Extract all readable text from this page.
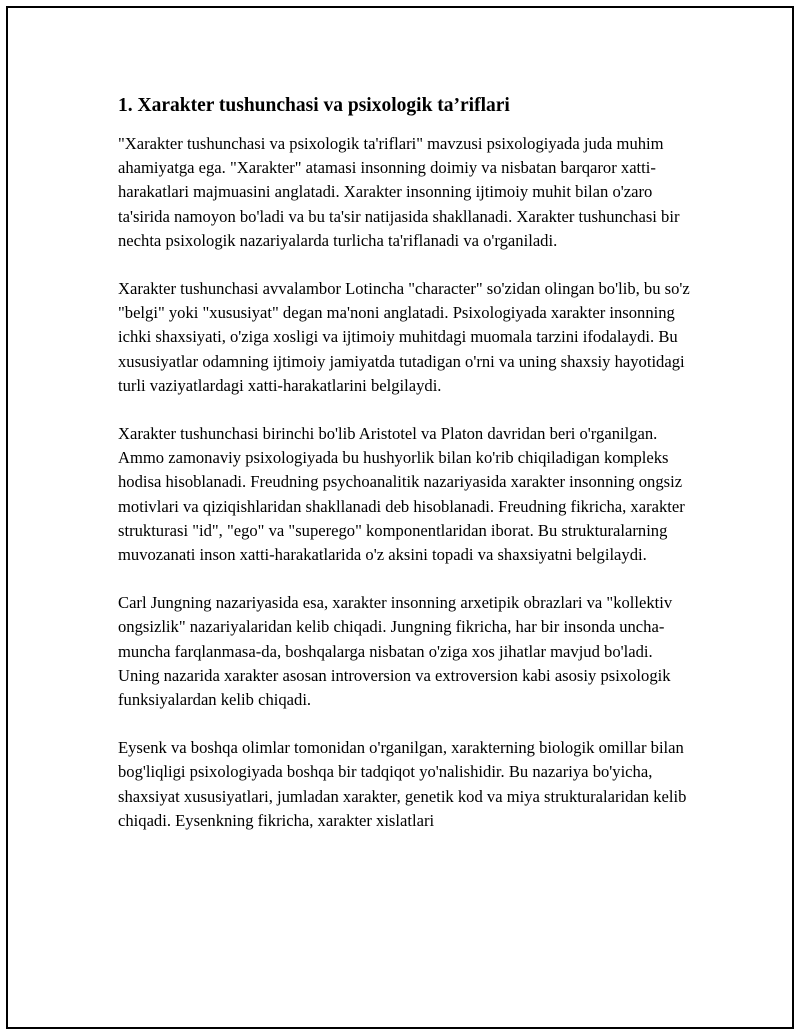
1. Xarakter tushunchasi va psixologik ta’riflari

"Xarakter tushunchasi va psixologik ta'riflari" mavzusi psixologiyada juda muhim ahamiyatga ega. "Xarakter" atamasi insonning doimiy va nisbatan barqaror xatti-harakatlari majmuasini anglatadi. Xarakter insonning ijtimoiy muhit bilan o'zaro ta'sirida namoyon bo'ladi va bu ta'sir natijasida shakllanadi. Xarakter tushunchasi bir nechta psixologik nazariyalarda turlicha ta'riflanadi va o'rganiladi.

Xarakter tushunchasi avvalambor Lotincha "character" so'zidan olingan bo'lib, bu so'z "belgi" yoki "xususiyat" degan ma'noni anglatadi. Psixologiyada xarakter insonning ichki shaxsiyati, o'ziga xosligi va ijtimoiy muhitdagi muomala tarzini ifodalaydi. Bu xususiyatlar odamning ijtimoiy jamiyatda tutadigan o'rni va uning shaxsiy hayotidagi turli vaziyatlardagi xatti-harakatlarini belgilaydi.

Xarakter tushunchasi birinchi bo'lib Aristotel va Platon davridan beri o'rganilgan. Ammo zamonaviy psixologiyada bu hushyorlik bilan ko'rib chiqiladigan kompleks hodisa hisoblanadi. Freudning psychoanalitik nazariyasida xarakter insonning ongsiz motivlari va qiziqishlaridan shakllanadi deb hisoblanadi. Freudning fikricha, xarakter strukturasi "id", "ego" va "superego" komponentlaridan iborat. Bu strukturalarning muvozanati inson xatti-harakatlarida o'z aksini topadi va shaxsiyatni belgilaydi.

Carl Jungning nazariyasida esa, xarakter insonning arxetipik obrazlari va "kollektiv ongsizlik" nazariyalaridan kelib chiqadi. Jungning fikricha, har bir insonda uncha-muncha farqlanmasa-da, boshqalarga nisbatan o'ziga xos jihatlar mavjud bo'ladi. Uning nazarida xarakter asosan introversion va extroversion kabi asosiy psixologik funksiyalardan kelib chiqadi.

Eysenk va boshqa olimlar tomonidan o'rganilgan, xarakterning biologik omillar bilan bog'liqligi psixologiyada boshqa bir tadqiqot yo'nalishidir. Bu nazariya bo'yicha, shaxsiyat xususiyatlari, jumladan xarakter, genetik kod va miya strukturalaridan kelib chiqadi. Eysenkning fikricha, xarakter xislatlari
